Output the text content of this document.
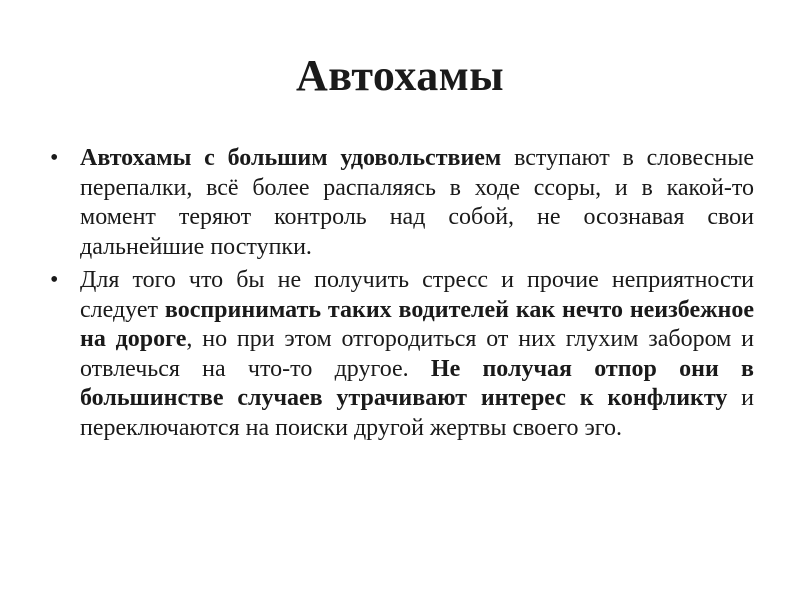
Автохамы
• Автохамы с большим удовольствием вступают в словесные перепалки, всё более распаляясь в ходе ссоры, и в какой-то момент теряют контроль над собой, не осознавая свои дальнейшие поступки.
• Для того что бы не получить стресс и прочие неприятности следует воспринимать таких водителей как нечто неизбежное на дороге, но при этом отгородиться от них глухим забором и отвлечься на что-то другое. Не получая отпор они в большинстве случаев утрачивают интерес к конфликту и переключаются на поиски другой жертвы своего эго.
